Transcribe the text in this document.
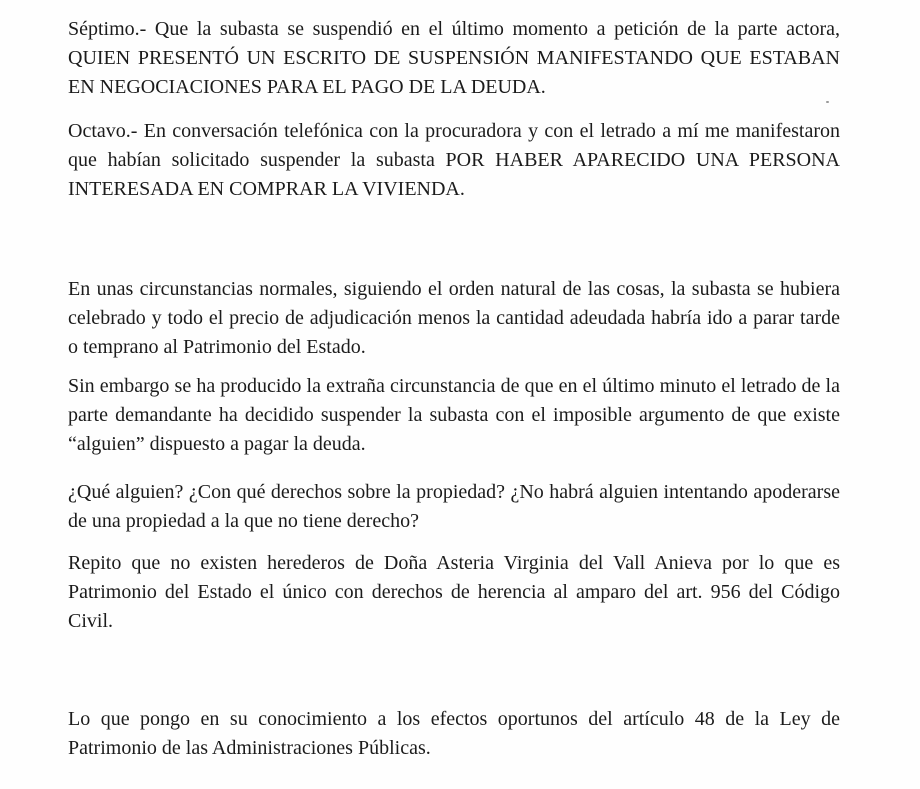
Séptimo.- Que la subasta se suspendió en el último momento a petición de la parte actora, QUIEN PRESENTÓ UN ESCRITO DE SUSPENSIÓN MANIFESTANDO QUE ESTABAN EN NEGOCIACIONES PARA EL PAGO DE LA DEUDA.

Octavo.- En conversación telefónica con la procuradora y con el letrado a mí me manifestaron que habían solicitado suspender la subasta POR HABER APARECIDO UNA PERSONA INTERESADA EN COMPRAR LA VIVIENDA.

En unas circunstancias normales, siguiendo el orden natural de las cosas, la subasta se hubiera celebrado y todo el precio de adjudicación menos la cantidad adeudada habría ido a parar tarde o temprano al Patrimonio del Estado.

Sin embargo se ha producido la extraña circunstancia de que en el último minuto el letrado de la parte demandante ha decidido suspender la subasta con el imposible argumento de que existe “alguien” dispuesto a pagar la deuda.

¿Qué alguien? ¿Con qué derechos sobre la propiedad? ¿No habrá alguien intentando apoderarse de una propiedad a la que no tiene derecho?

Repito que no existen herederos de Doña Asteria Virginia del Vall Anieva por lo que es Patrimonio del Estado el único con derechos de herencia al amparo del art. 956 del Código Civil.

Lo que pongo en su conocimiento a los efectos oportunos del artículo 48 de la Ley de Patrimonio de las Administraciones Públicas.
